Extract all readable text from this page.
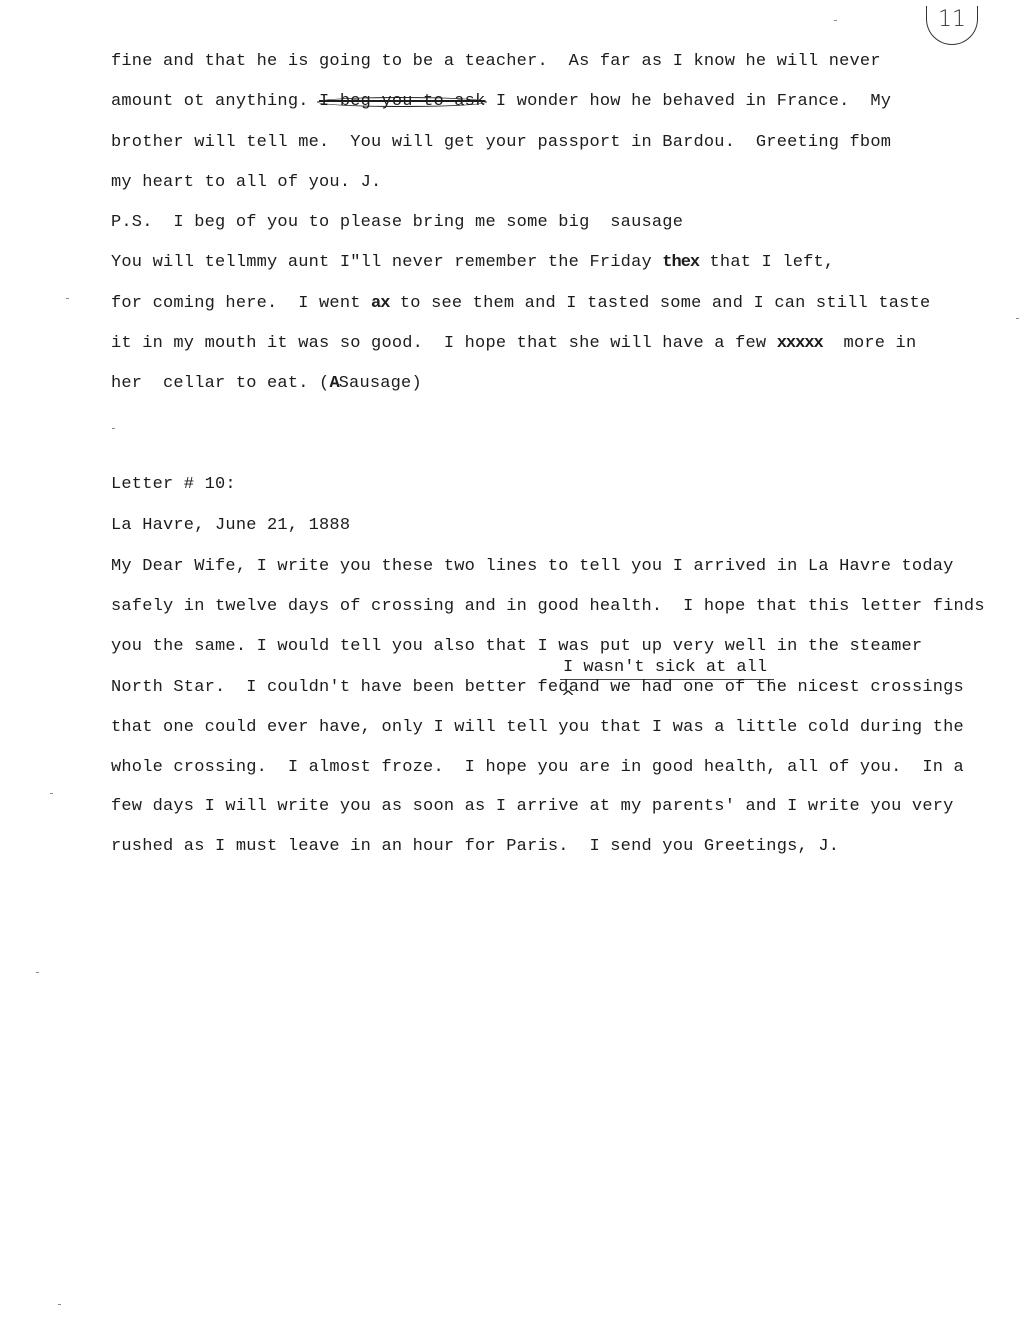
11
fine and that he is going to be a teacher.  As far as I know he will never
amount ot anything. I beg you to ask I wonder how he behaved in France.  My
brother will tell me.  You will get your passport in Bardou.  Greeting fbom
my heart to all of you. J.
P.S.  I beg of you to please bring me some big  sausage
You will tellmmy aunt I"ll never remember the Friday thex that I left,
for coming here.  I went ax to see them and I tasted some and I can still taste
it in my mouth it was so good.  I hope that she will have a few xxxxx more in
her  cellar to eat. (ASausage)
Letter # 10:
La Havre, June 21, 1888
My Dear Wife, I write you these two lines to tell you I arrived in La Havre today
safely in twelve days of crossing and in good health.  I hope that this letter finds
you the same. I would tell you also that I was put up very well in the steamer
I wasn't sick at all
North Star.  I couldn't have been better fedand we had one of the nicest crossings
^
that one could ever have, only I will tell you that I was a little cold during the
whole crossing.  I almost froze.  I hope you are in good health, all of you.  In a
few days I will write you as soon as I arrive at my parents' and I write you very
rushed as I must leave in an hour for Paris.  I send you Greetings, J.
